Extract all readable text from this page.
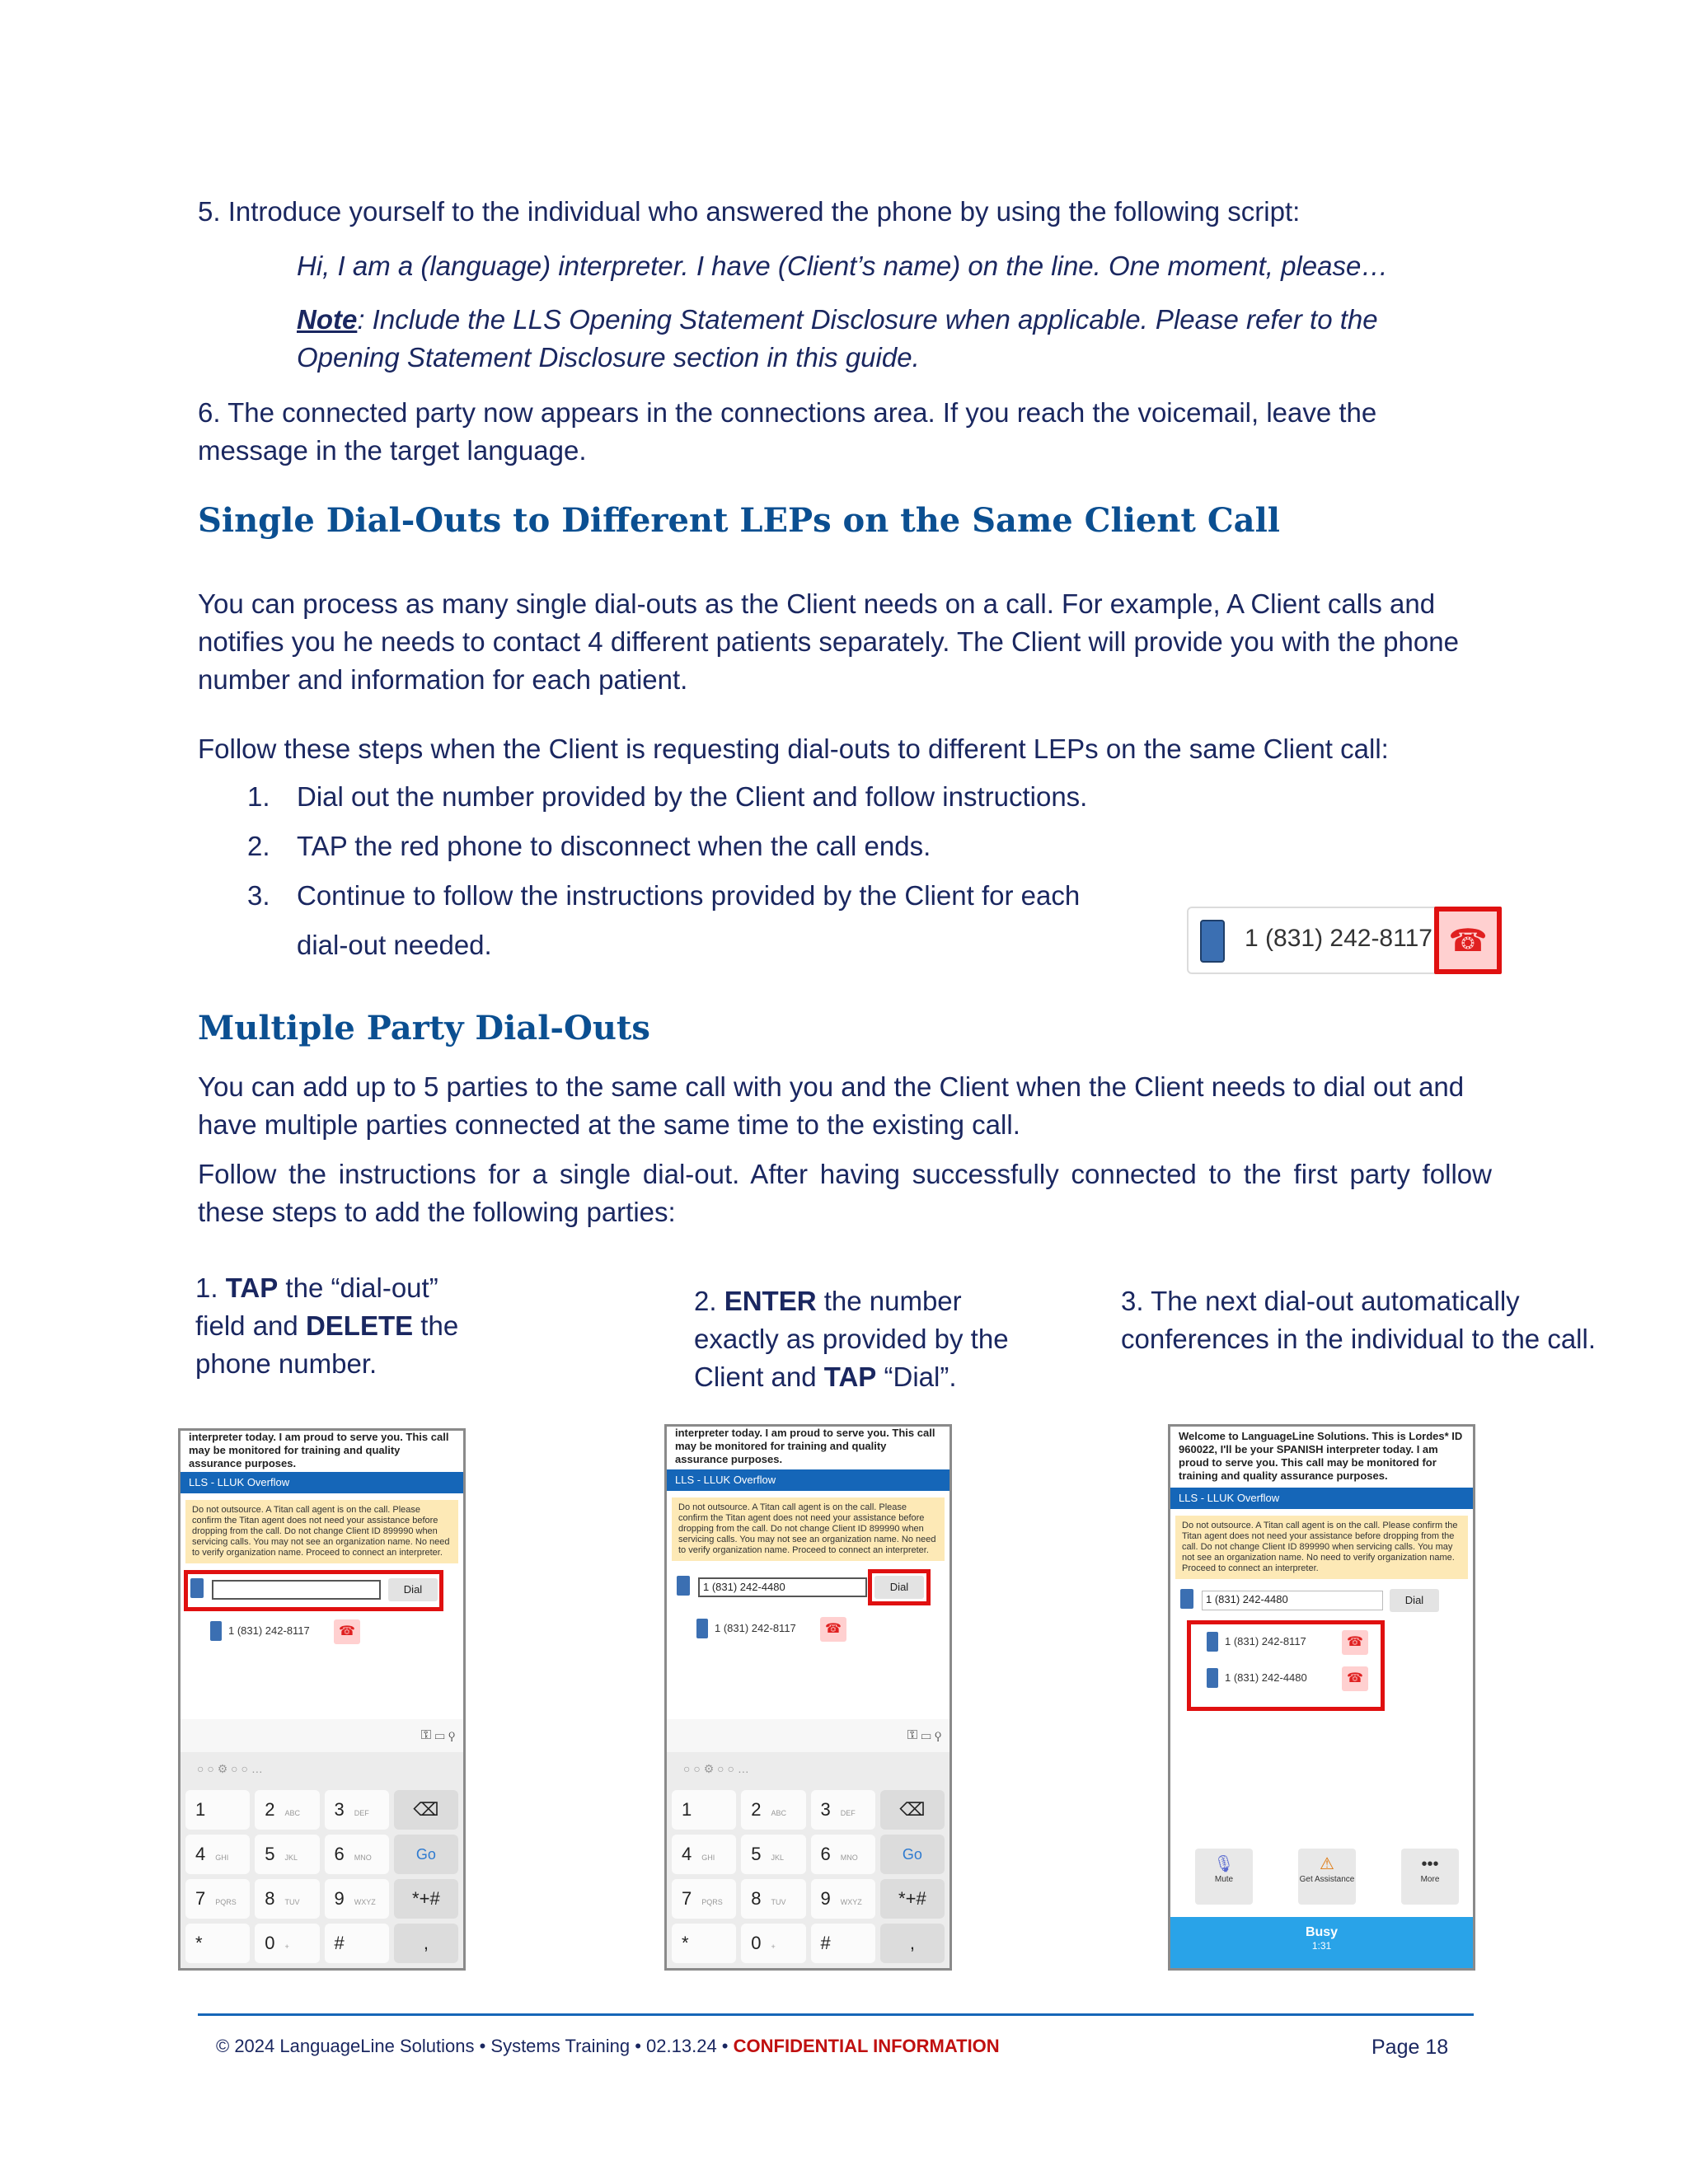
5. Introduce yourself to the individual who answered the phone by using the following script:
Hi, I am a (language) interpreter. I have (Client’s name) on the line. One moment, please…
Note: Include the LLS Opening Statement Disclosure when applicable. Please refer to the Opening Statement Disclosure section in this guide.
6. The connected party now appears in the connections area. If you reach the voicemail, leave the message in the target language.
Single Dial-Outs to Different LEPs on the Same Client Call
You can process as many single dial-outs as the Client needs on a call. For example, A Client calls and notifies you he needs to contact 4 different patients separately. The Client will provide you with the phone number and information for each patient.
Follow these steps when the Client is requesting dial-outs to different LEPs on the same Client call:
1. Dial out the number provided by the Client and follow instructions.
2. TAP the red phone to disconnect when the call ends.
3. Continue to follow the instructions provided by the Client for each
dial-out needed.	1 (831) 242-8117 ☎
Multiple Party Dial-Outs
You can add up to 5 parties to the same call with you and the Client when the Client needs to dial out and have multiple parties connected at the same time to the existing call.
Follow the instructions for a single dial-out. After having successfully connected to the first party follow these steps to add the following parties:
1. TAP the “dial-out” field and DELETE the phone number.
2. ENTER the number exactly as provided by the Client and TAP “Dial”.
3. The next dial-out automatically conferences in the individual to the call.
interpreter today. I am proud to serve you. This call may be monitored for training and quality assurance purposes.
LLS - LLUK Overflow
Do not outsource. A Titan call agent is on the call. Please confirm the Titan agent does not need your assistance before dropping from the call. Do not change Client ID 899990 when servicing calls. You may not see an organization name. No need to verify organization name. Proceed to connect an interpreter.
Dial
1 (831) 242-8117	☎
⚿ ▭ ⚲
○ ○ ⚙ ○ ○ …
1	2 ABC	3 DEF	⌫
4 GHI	5 JKL	6 MNO	Go
7 PQRS	8 TUV	9 WXYZ	*+#
*	0 +	#	,
interpreter today. I am proud to serve you. This call may be monitored for training and quality assurance purposes.
LLS - LLUK Overflow
Do not outsource. A Titan call agent is on the call. Please confirm the Titan agent does not need your assistance before dropping from the call. Do not change Client ID 899990 when servicing calls. You may not see an organization name. No need to verify organization name. Proceed to connect an interpreter.
1 (831) 242-4480	Dial
1 (831) 242-8117	☎
⚿ ▭ ⚲
○ ○ ⚙ ○ ○ …
1	2 ABC	3 DEF	⌫
4 GHI	5 JKL	6 MNO	Go
7 PQRS	8 TUV	9 WXYZ	*+#
*	0 +	#	,
Welcome to LanguageLine Solutions. This is Lordes* ID 960022, I'll be your SPANISH interpreter today. I am proud to serve you. This call may be monitored for training and quality assurance purposes.
LLS - LLUK Overflow
Do not outsource. A Titan call agent is on the call. Please confirm the Titan agent does not need your assistance before dropping from the call. Do not change Client ID 899990 when servicing calls. You may not see an organization name. No need to verify organization name. Proceed to connect an interpreter.
1 (831) 242-4480	Dial
1 (831) 242-8117	☎
1 (831) 242-4480	☎
🎙
Mute
⚠
Get Assistance
•••
More
Busy
1:31
© 2024 LanguageLine Solutions • Systems Training • 02.13.24 • CONFIDENTIAL INFORMATION	Page 18
